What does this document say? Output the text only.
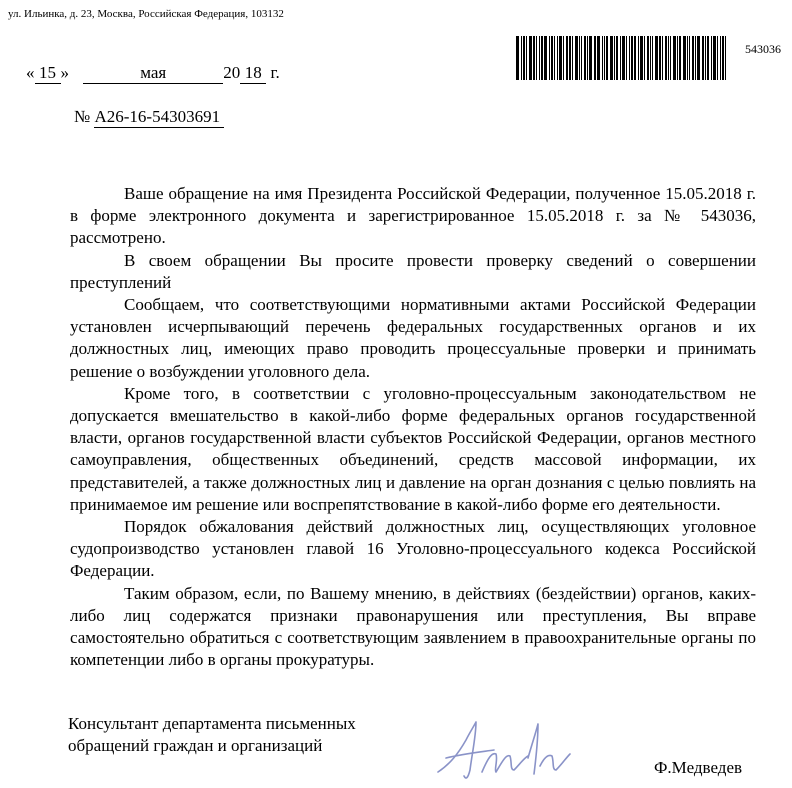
ул. Ильинка, д. 23, Москва, Российская Федерация, 103132
543036
« 15 »	мая	20 18 г.
№ А26-16-54303691

Ваше обращение на имя Президента Российской Федерации, полученное 15.05.2018 г. в форме электронного документа и зарегистрированное 15.05.2018 г. за № 543036, рассмотрено.

В своем обращении Вы просите провести проверку сведений о совершении преступлений

Сообщаем, что соответствующими нормативными актами Российской Федерации установлен исчерпывающий перечень федеральных государственных органов и их должностных лиц, имеющих право проводить процессуальные проверки и принимать решение о возбуждении уголовного дела.

Кроме того, в соответствии с уголовно-процессуальным законодательством не допускается вмешательство в какой-либо форме федеральных органов государственной власти, органов государственной власти субъектов Российской Федерации, органов местного самоуправления, общественных объединений, средств массовой информации, их представителей, а также должностных лиц и давление на орган дознания с целью повлиять на принимаемое им решение или воспрепятствование в какой-либо форме его деятельности.

Порядок обжалования действий должностных лиц, осуществляющих уголовное судопроизводство установлен главой 16 Уголовно-процессуального кодекса Российской Федерации.

Таким образом, если, по Вашему мнению, в действиях (бездействии) органов, каких-либо лиц содержатся признаки правонарушения или преступления, Вы вправе самостоятельно обратиться с соответствующим заявлением в правоохранительные органы по компетенции либо в органы прокуратуры.

Консультант департамента письменных обращений граждан и организаций
Ф.Медведев
